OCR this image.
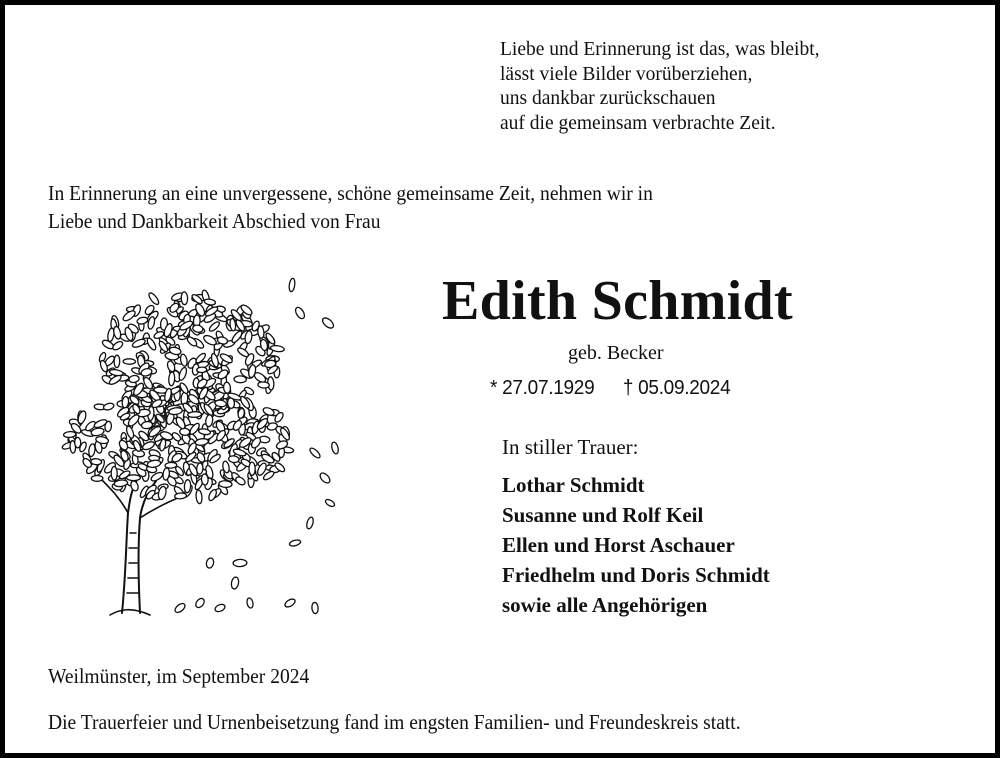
Liebe und Erinnerung ist das, was bleibt,
lässt viele Bilder vorüberziehen,
uns dankbar zurückschauen
auf die gemeinsam verbrachte Zeit.
In Erinnerung an eine unvergessene, schöne gemeinsame Zeit, nehmen wir in
Liebe und Dankbarkeit Abschied von Frau
Edith Schmidt
geb. Becker
* 27.07.1929 † 05.09.2024
In stiller Trauer:
Lothar Schmidt
Susanne und Rolf Keil
Ellen und Horst Aschauer
Friedhelm und Doris Schmidt
sowie alle Angehörigen
Weilmünster, im September 2024
Die Trauerfeier und Urnenbeisetzung fand im engsten Familien- und Freundeskreis statt.
